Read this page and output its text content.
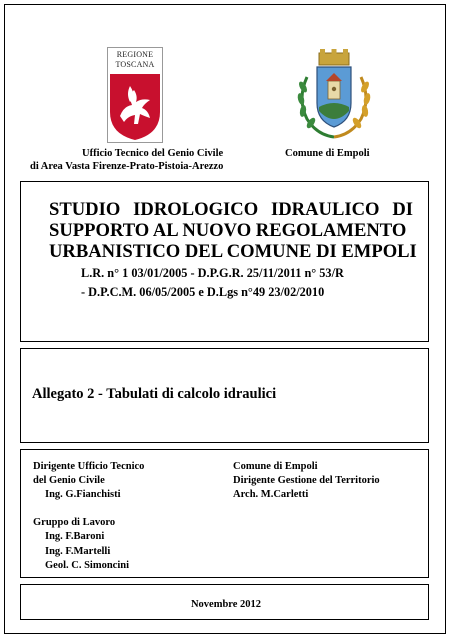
REGIONE
TOSCANA
Ufficio Tecnico del Genio Civile
di Area Vasta Firenze-Prato-Pistoia-Arezzo
Comune di Empoli
STUDIO IDROLOGICO IDRAULICO DI
SUPPORTO AL NUOVO REGOLAMENTO
URBANISTICO DEL COMUNE DI EMPOLI
L.R. n° 1 03/01/2005 - D.P.G.R. 25/11/2011 n° 53/R
- D.P.C.M. 06/05/2005 e D.Lgs n°49 23/02/2010
Allegato 2 - Tabulati di calcolo idraulici
Dirigente Ufficio Tecnico
del Genio Civile
Ing. G.Fianchisti
Comune di Empoli
Dirigente Gestione del Territorio
Arch. M.Carletti
Gruppo di Lavoro
Ing. F.Baroni
Ing. F.Martelli
Geol. C. Simoncini
Novembre 2012
